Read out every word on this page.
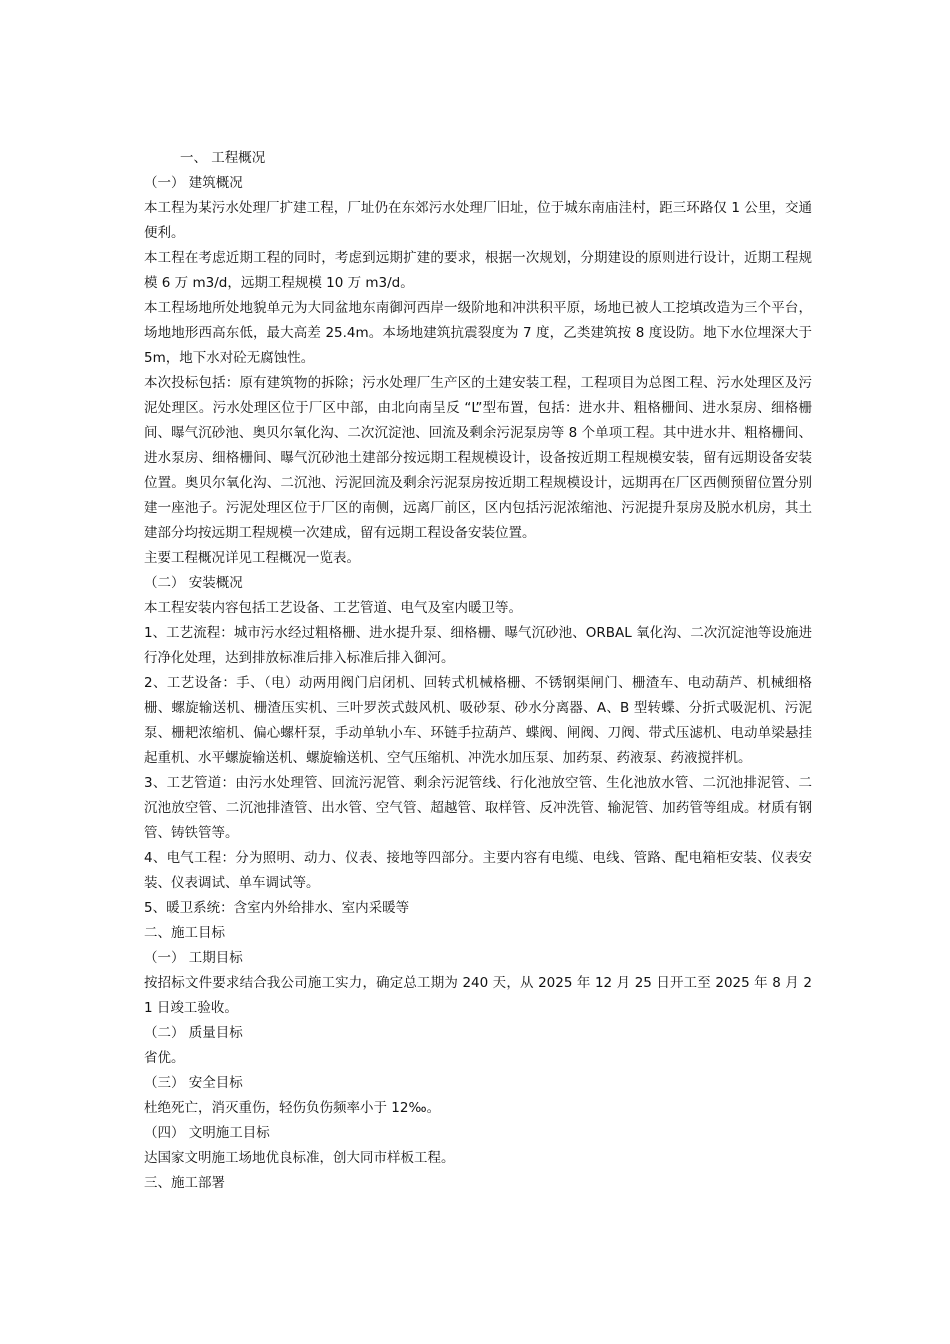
一、 工程概况

（一） 建筑概况

本工程为某污水处理厂扩建工程，厂址仍在东郊污水处理厂旧址，位于城东南庙洼村，距三环路仅 1 公里，交通便利。

本工程在考虑近期工程的同时，考虑到远期扩建的要求，根据一次规划，分期建设的原则进行设计，近期工程规模 6 万 m3/d，远期工程规模 10 万 m3/d。

本工程场地所处地貌单元为大同盆地东南御河西岸一级阶地和冲洪积平原，场地已被人工挖填改造为三个平台，场地地形西高东低，最大高差 25.4m。本场地建筑抗震裂度为 7 度，乙类建筑按 8 度设防。地下水位埋深大于 5m，地下水对砼无腐蚀性。

本次投标包括：原有建筑物的拆除；污水处理厂生产区的土建安装工程，工程项目为总图工程、污水处理区及污泥处理区。污水处理区位于厂区中部，由北向南呈反 “L”型布置，包括：进水井、粗格栅间、进水泵房、细格栅间、曝气沉砂池、奥贝尔氧化沟、二次沉淀池、回流及剩余污泥泵房等 8 个单项工程。其中进水井、粗格栅间、进水泵房、细格栅间、曝气沉砂池土建部分按远期工程规模设计，设备按近期工程规模安装，留有远期设备安装位置。奥贝尔氧化沟、二沉池、污泥回流及剩余污泥泵房按近期工程规模设计，远期再在厂区西侧预留位置分别建一座池子。污泥处理区位于厂区的南侧，远离厂前区，区内包括污泥浓缩池、污泥提升泵房及脱水机房，其土建部分均按远期工程规模一次建成，留有远期工程设备安装位置。

主要工程概况详见工程概况一览表。

（二） 安装概况

本工程安装内容包括工艺设备、工艺管道、电气及室内暖卫等。

1、工艺流程：城市污水经过粗格栅、进水提升泵、细格栅、曝气沉砂池、ORBAL 氧化沟、二次沉淀池等设施进行净化处理，达到排放标准后排入标准后排入御河。

2、工艺设备：手、（电）动两用阀门启闭机、回转式机械格栅、不锈钢渠闸门、栅渣车、电动葫芦、机械细格栅、螺旋输送机、栅渣压实机、三叶罗茨式鼓风机、吸砂泵、砂水分离器、A、B 型转蝶、分折式吸泥机、污泥泵、栅耙浓缩机、偏心螺杆泵，手动单轨小车、环链手拉葫芦、蝶阀、闸阀、刀阀、带式压滤机、电动单梁悬挂起重机、水平螺旋输送机、螺旋输送机、空气压缩机、冲洗水加压泵、加药泵、药液泵、药液搅拌机。

3、工艺管道：由污水处理管、回流污泥管、剩余污泥管线、行化池放空管、生化池放水管、二沉池排泥管、二沉池放空管、二沉池排渣管、出水管、空气管、超越管、取样管、反冲洗管、输泥管、加药管等组成。材质有钢管、铸铁管等。

4、电气工程：分为照明、动力、仪表、接地等四部分。主要内容有电缆、电线、管路、配电箱柜安装、仪表安装、仪表调试、单车调试等。

5、暖卫系统：含室内外给排水、室内采暖等

二、施工目标

（一） 工期目标

按招标文件要求结合我公司施工实力，确定总工期为 240 天，从 2025 年 12 月 25 日开工至 2025 年 8 月 21 日竣工验收。

（二） 质量目标

省优。

（三） 安全目标

杜绝死亡，消灭重伤，轻伤负伤频率小于 12‰。

（四） 文明施工目标

达国家文明施工场地优良标准，创大同市样板工程。

三、施工部署
